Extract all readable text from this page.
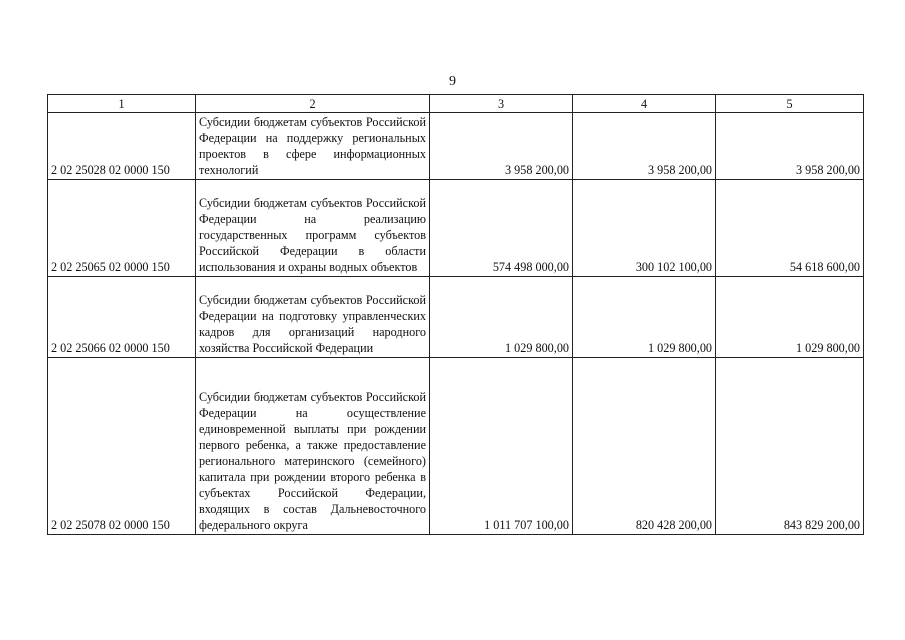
9
1	2	3	4	5
2 02 25028 02 0000 150	Субсидии бюджетам субъектов Российской Федерации на поддержку региональных проектов в сфере информационных технологий	3 958 200,00	3 958 200,00	3 958 200,00
2 02 25065 02 0000 150	Субсидии бюджетам субъектов Российской Федерации на реализацию государственных программ субъектов Российской Федерации в области использования и охраны водных объектов	574 498 000,00	300 102 100,00	54 618 600,00
2 02 25066 02 0000 150	Субсидии бюджетам субъектов Российской Федерации на подготовку управленческих кадров для организаций народного хозяйства Российской Федерации	1 029 800,00	1 029 800,00	1 029 800,00
2 02 25078 02 0000 150	Субсидии бюджетам субъектов Российской Федерации на осуществление единовременной выплаты при рождении первого ребенка, а также предоставление регионального материнского (семейного) капитала при рождении второго ребенка в субъектах Российской Федерации, входящих в состав Дальневосточного федерального округа	1 011 707 100,00	820 428 200,00	843 829 200,00
